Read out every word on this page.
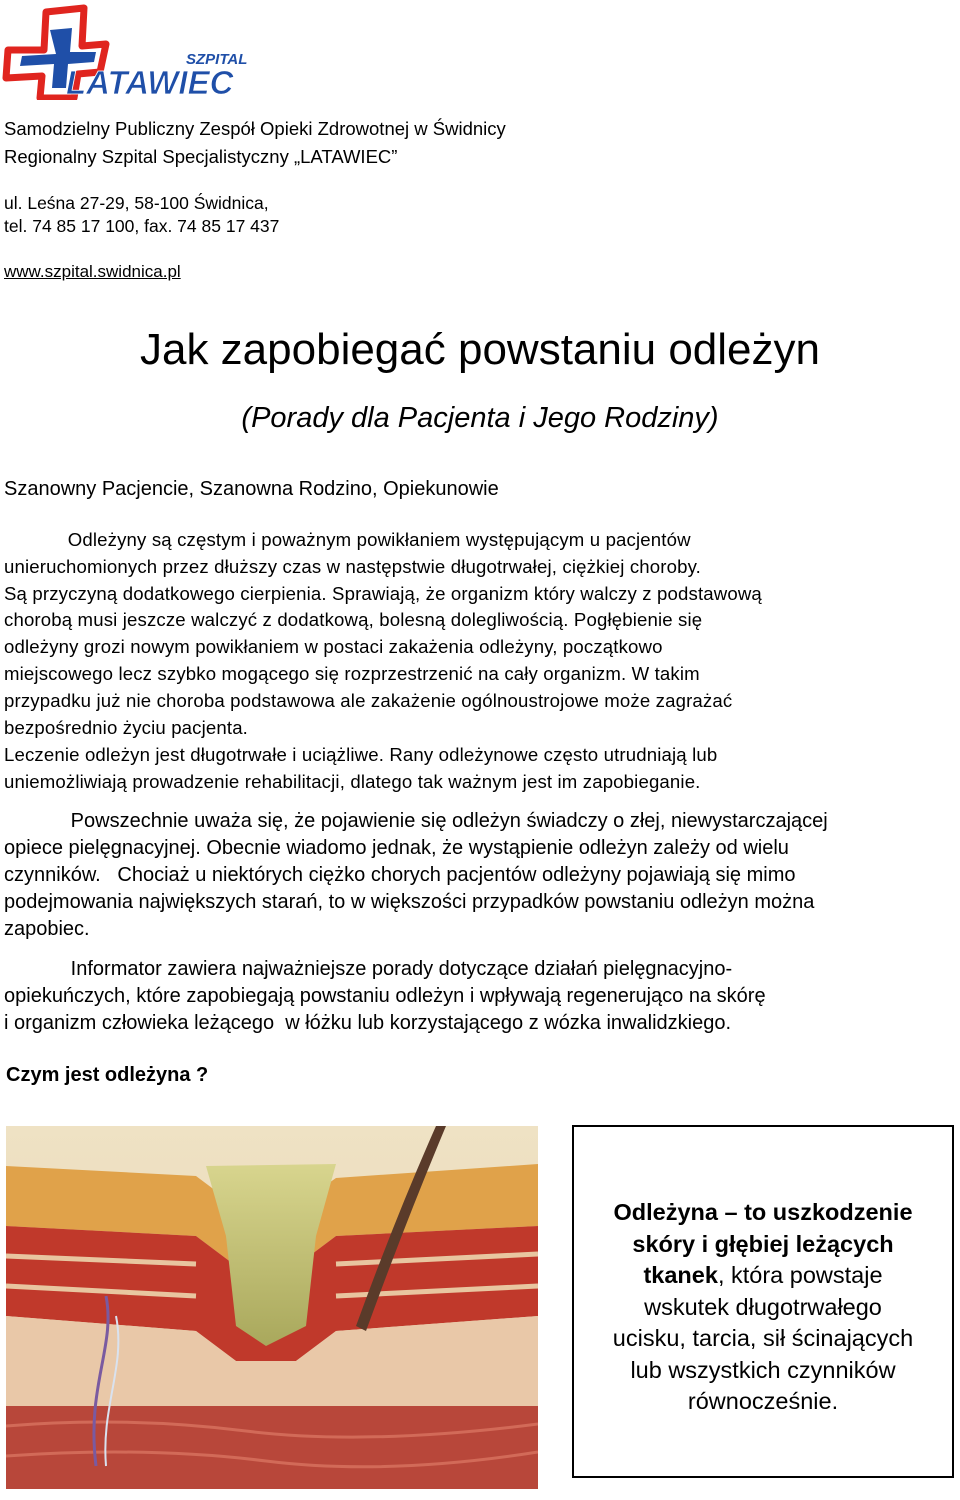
SZPITAL
LATAWIEC
Samodzielny Publiczny Zespół Opieki Zdrowotnej w Świdnicy
Regionalny Szpital Specjalistyczny „LATAWIEC”
ul. Leśna 27-29, 58-100 Świdnica,
tel. 74 85 17 100, fax. 74 85 17 437
www.szpital.swidnica.pl
Jak zapobiegać powstaniu odleżyn
(Porady dla Pacjenta i Jego Rodziny)
Szanowny Pacjencie, Szanowna Rodzino, Opiekunowie
Odleżyny są częstym i poważnym powikłaniem występującym u pacjentów
unieruchomionych przez dłuższy czas w następstwie długotrwałej, ciężkiej choroby.
Są przyczyną dodatkowego cierpienia. Sprawiają, że organizm który walczy z podstawową
chorobą musi jeszcze walczyć z dodatkową, bolesną dolegliwością. Pogłębienie się
odleżyny grozi nowym powikłaniem w postaci zakażenia odleżyny, początkowo
miejscowego lecz szybko mogącego się rozprzestrzenić na cały organizm. W takim
przypadku już nie choroba podstawowa ale zakażenie ogólnoustrojowe może zagrażać
bezpośrednio życiu pacjenta.
Leczenie odleżyn jest długotrwałe i uciążliwe. Rany odleżynowe często utrudniają lub
uniemożliwiają prowadzenie rehabilitacji, dlatego tak ważnym jest im zapobieganie.
Powszechnie uważa się, że pojawienie się odleżyn świadczy o złej, niewystarczającej
opiece pielęgnacyjnej. Obecnie wiadomo jednak, że wystąpienie odleżyn zależy od wielu
czynników.   Chociaż u niektórych ciężko chorych pacjentów odleżyny pojawiają się mimo
podejmowania największych starań, to w większości przypadków powstaniu odleżyn można
zapobiec.
Informator zawiera najważniejsze porady dotyczące działań pielęgnacyjno-
opiekuńczych, które zapobiegają powstaniu odleżyn i wpływają regenerująco na skórę
i organizm człowieka leżącego  w łóżku lub korzystającego z wózka inwalidzkiego.
Czym jest odleżyna ?
Odleżyna – to uszkodzenie
skóry i głębiej leżących
tkanek, która powstaje
wskutek długotrwałego
ucisku, tarcia, sił ścinających
lub wszystkich czynników
równocześnie.
